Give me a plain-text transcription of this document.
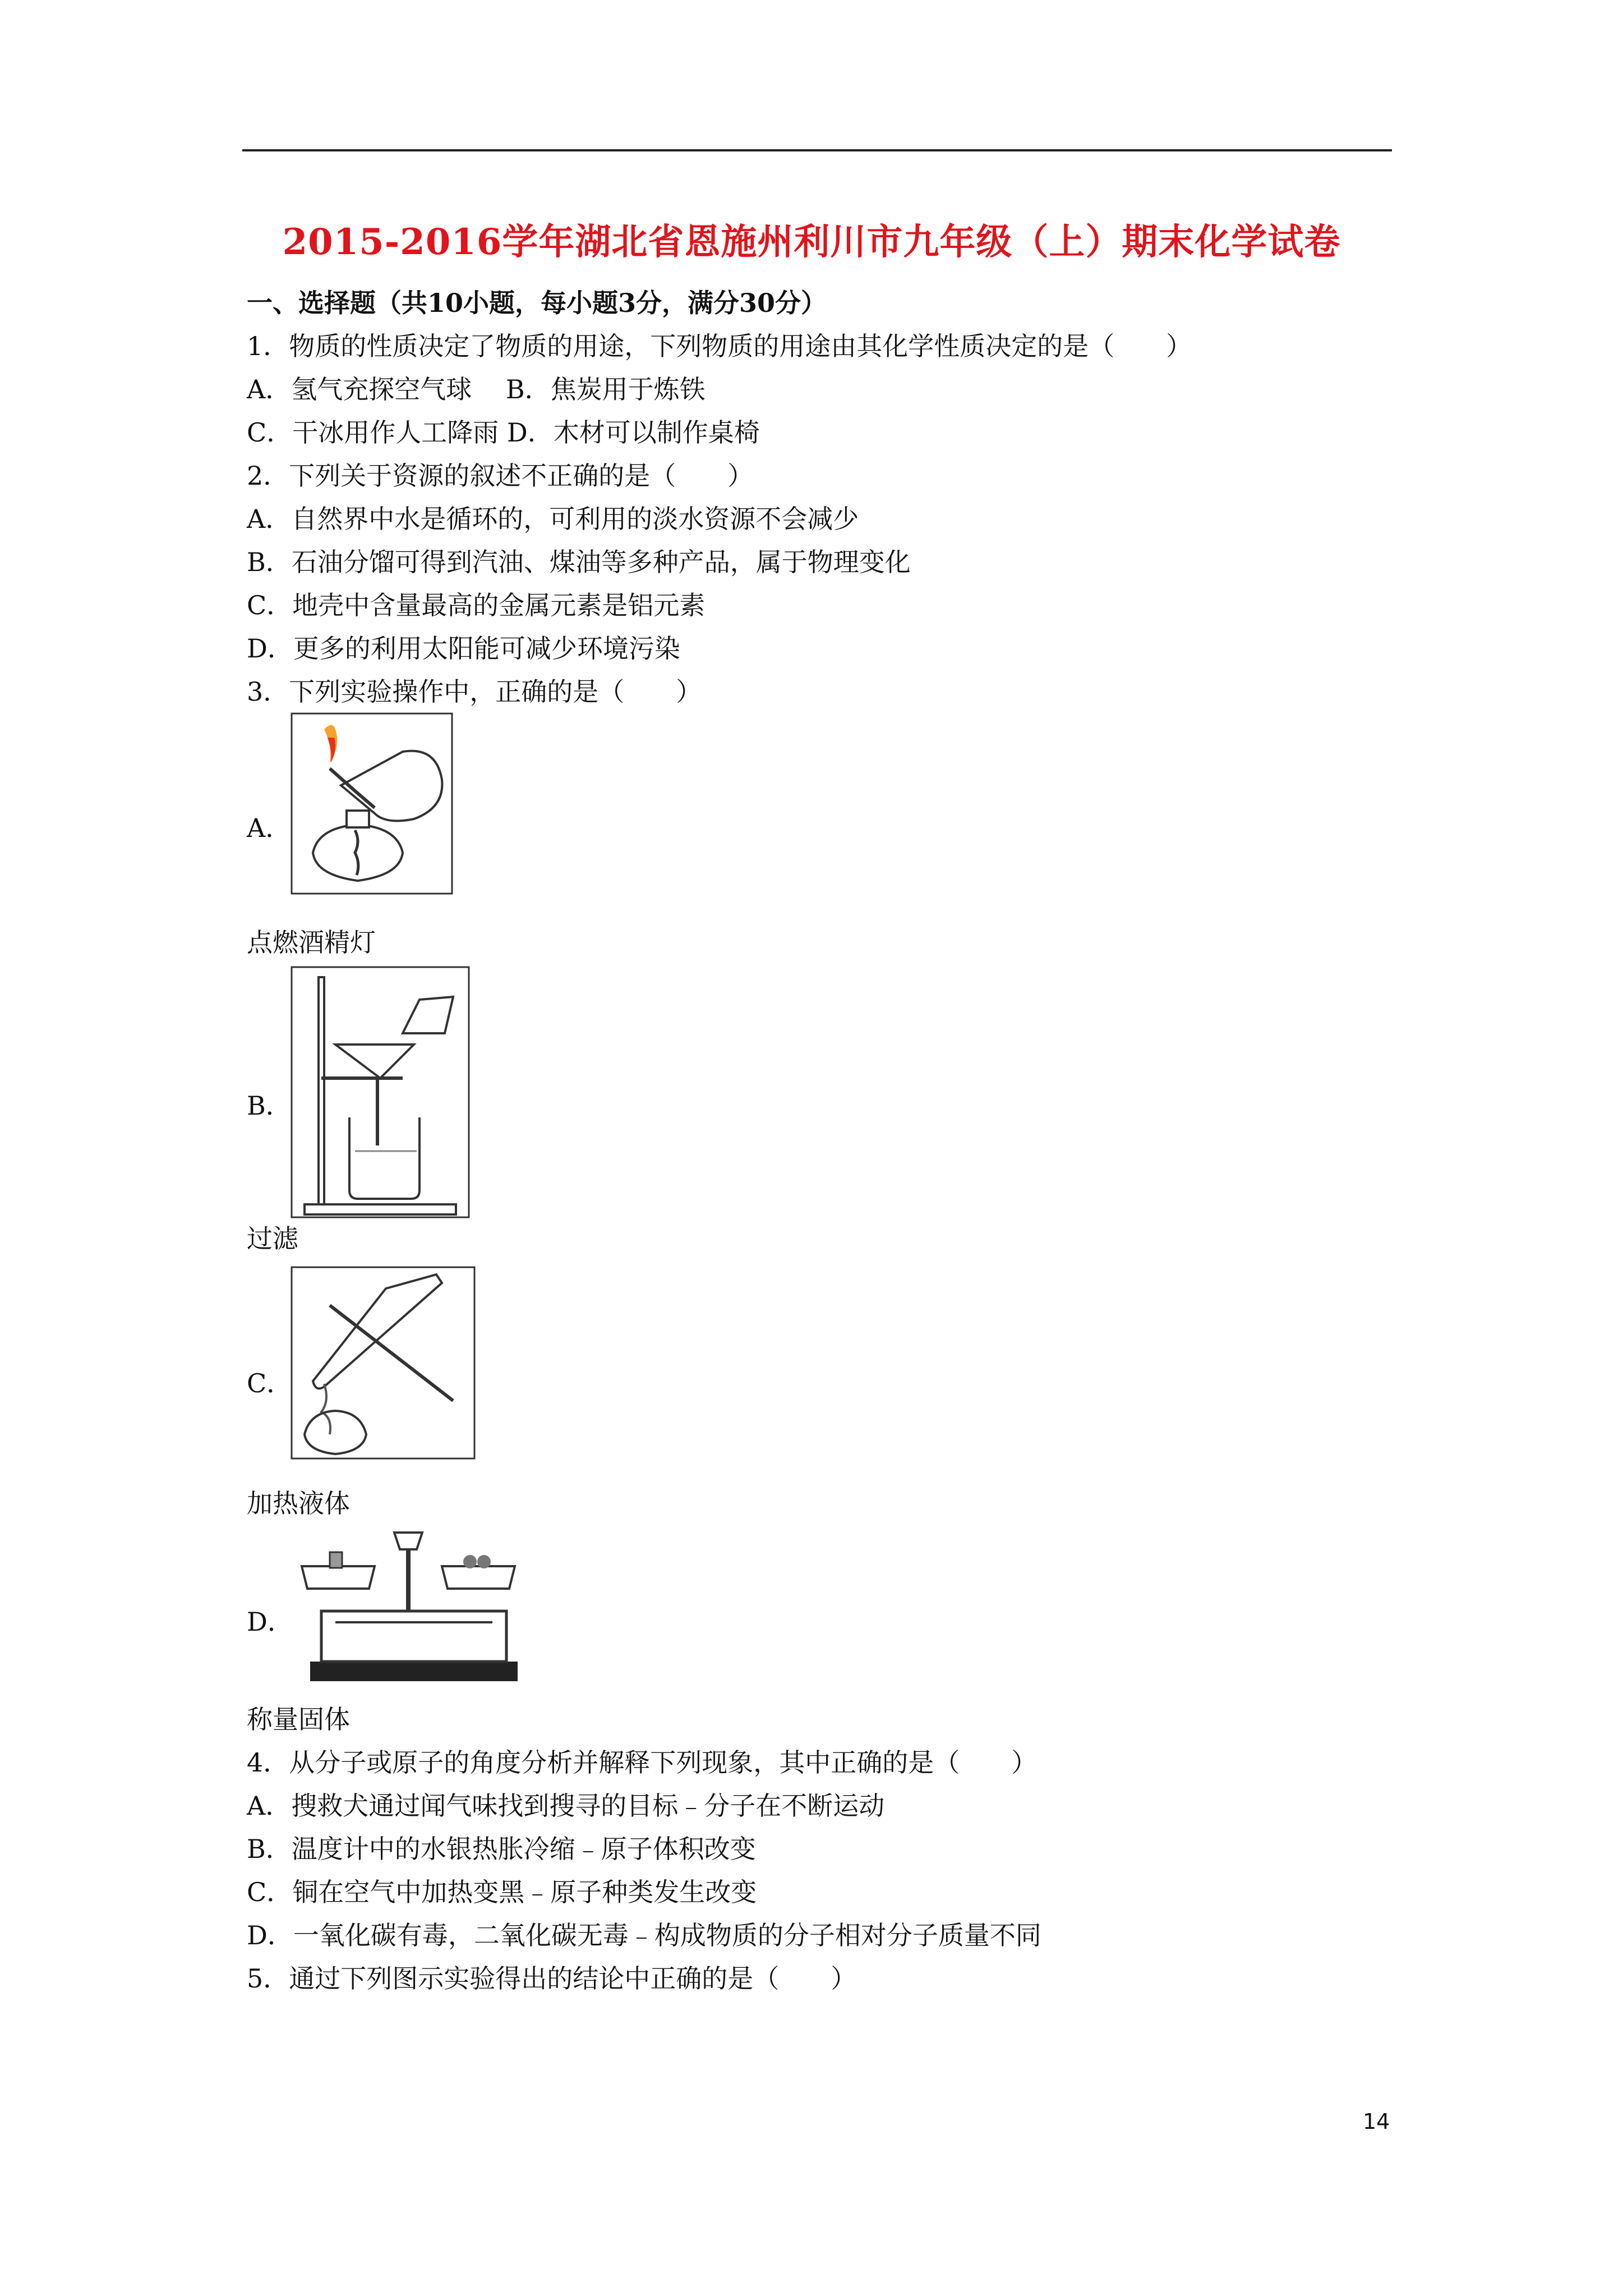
2015-2016学年湖北省恩施州利川市九年级（上）期末化学试卷
一、选择题（共10小题，每小题3分，满分30分）
1．物质的性质决定了物质的用途，下列物质的用途由其化学性质决定的是（　　）
A．氢气充探空气球　 B．焦炭用于炼铁
C．干冰用作人工降雨 D．木材可以制作桌椅
2．下列关于资源的叙述不正确的是（　　）
A．自然界中水是循环的，可利用的淡水资源不会减少
B．石油分馏可得到汽油、煤油等多种产品，属于物理变化
C．地壳中含量最高的金属元素是铝元素
D．更多的利用太阳能可减少环境污染
3．下列实验操作中，正确的是（　　）
A．
点燃酒精灯
B．
过滤
C．
加热液体
D．
称量固体
4．从分子或原子的角度分析并解释下列现象，其中正确的是（　　）
A．搜救犬通过闻气味找到搜寻的目标﹣分子在不断运动
B．温度计中的水银热胀冷缩﹣原子体积改变
C．铜在空气中加热变黑﹣原子种类发生改变
D．一氧化碳有毒，二氧化碳无毒﹣构成物质的分子相对分子质量不同
5．通过下列图示实验得出的结论中正确的是（　　）
14
